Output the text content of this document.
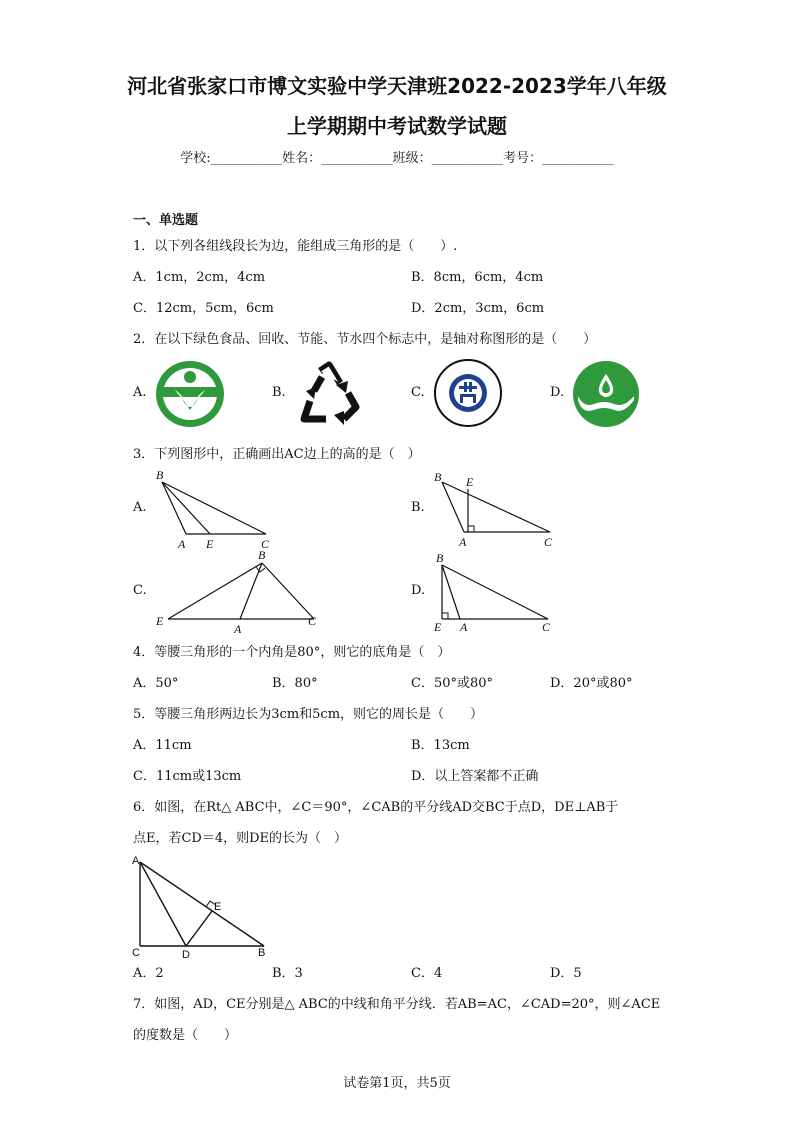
河北省张家口市博文实验中学天津班2022-2023学年八年级
上学期期中考试数学试题
学校:___________姓名：___________班级：___________考号：___________
一、单选题
1．以下列各组线段长为边，能组成三角形的是（　　）.
A．1cm，2cm，4cm	B．8cm，6cm，4cm
C．12cm，5cm，6cm	D．2cm，3cm，6cm
2．在以下绿色食品、回收、节能、节水四个标志中，是轴对称图形的是（　　）
A.	B.	C.	D.
3．下列图形中，正确画出AC边上的高的是（　）
A.	B.
C.	D.
B
A E	C
B E
A	C
B
E
A
C
B
E A	C
4．等腰三角形的一个内角是80°，则它的底角是（　）
A．50°	B．80°	C．50°或80°	D．20°或80°
5．等腰三角形两边长为3cm和5cm，则它的周长是（　　）
A．11cm	B．13cm
C．11cm或13cm	D．以上答案都不正确
6．如图，在Rt△ ABC中，∠C＝90°，∠CAB的平分线AD交BC于点D，DE⊥AB于
点E，若CD＝4，则DE的长为（　）
A
E
C	D	B
A．2	B．3	C．4	D．5
7．如图，AD，CE分别是△ ABC的中线和角平分线．若AB=AC，∠CAD=20°，则∠ACE
的度数是（　　）
试卷第1页，共5页
